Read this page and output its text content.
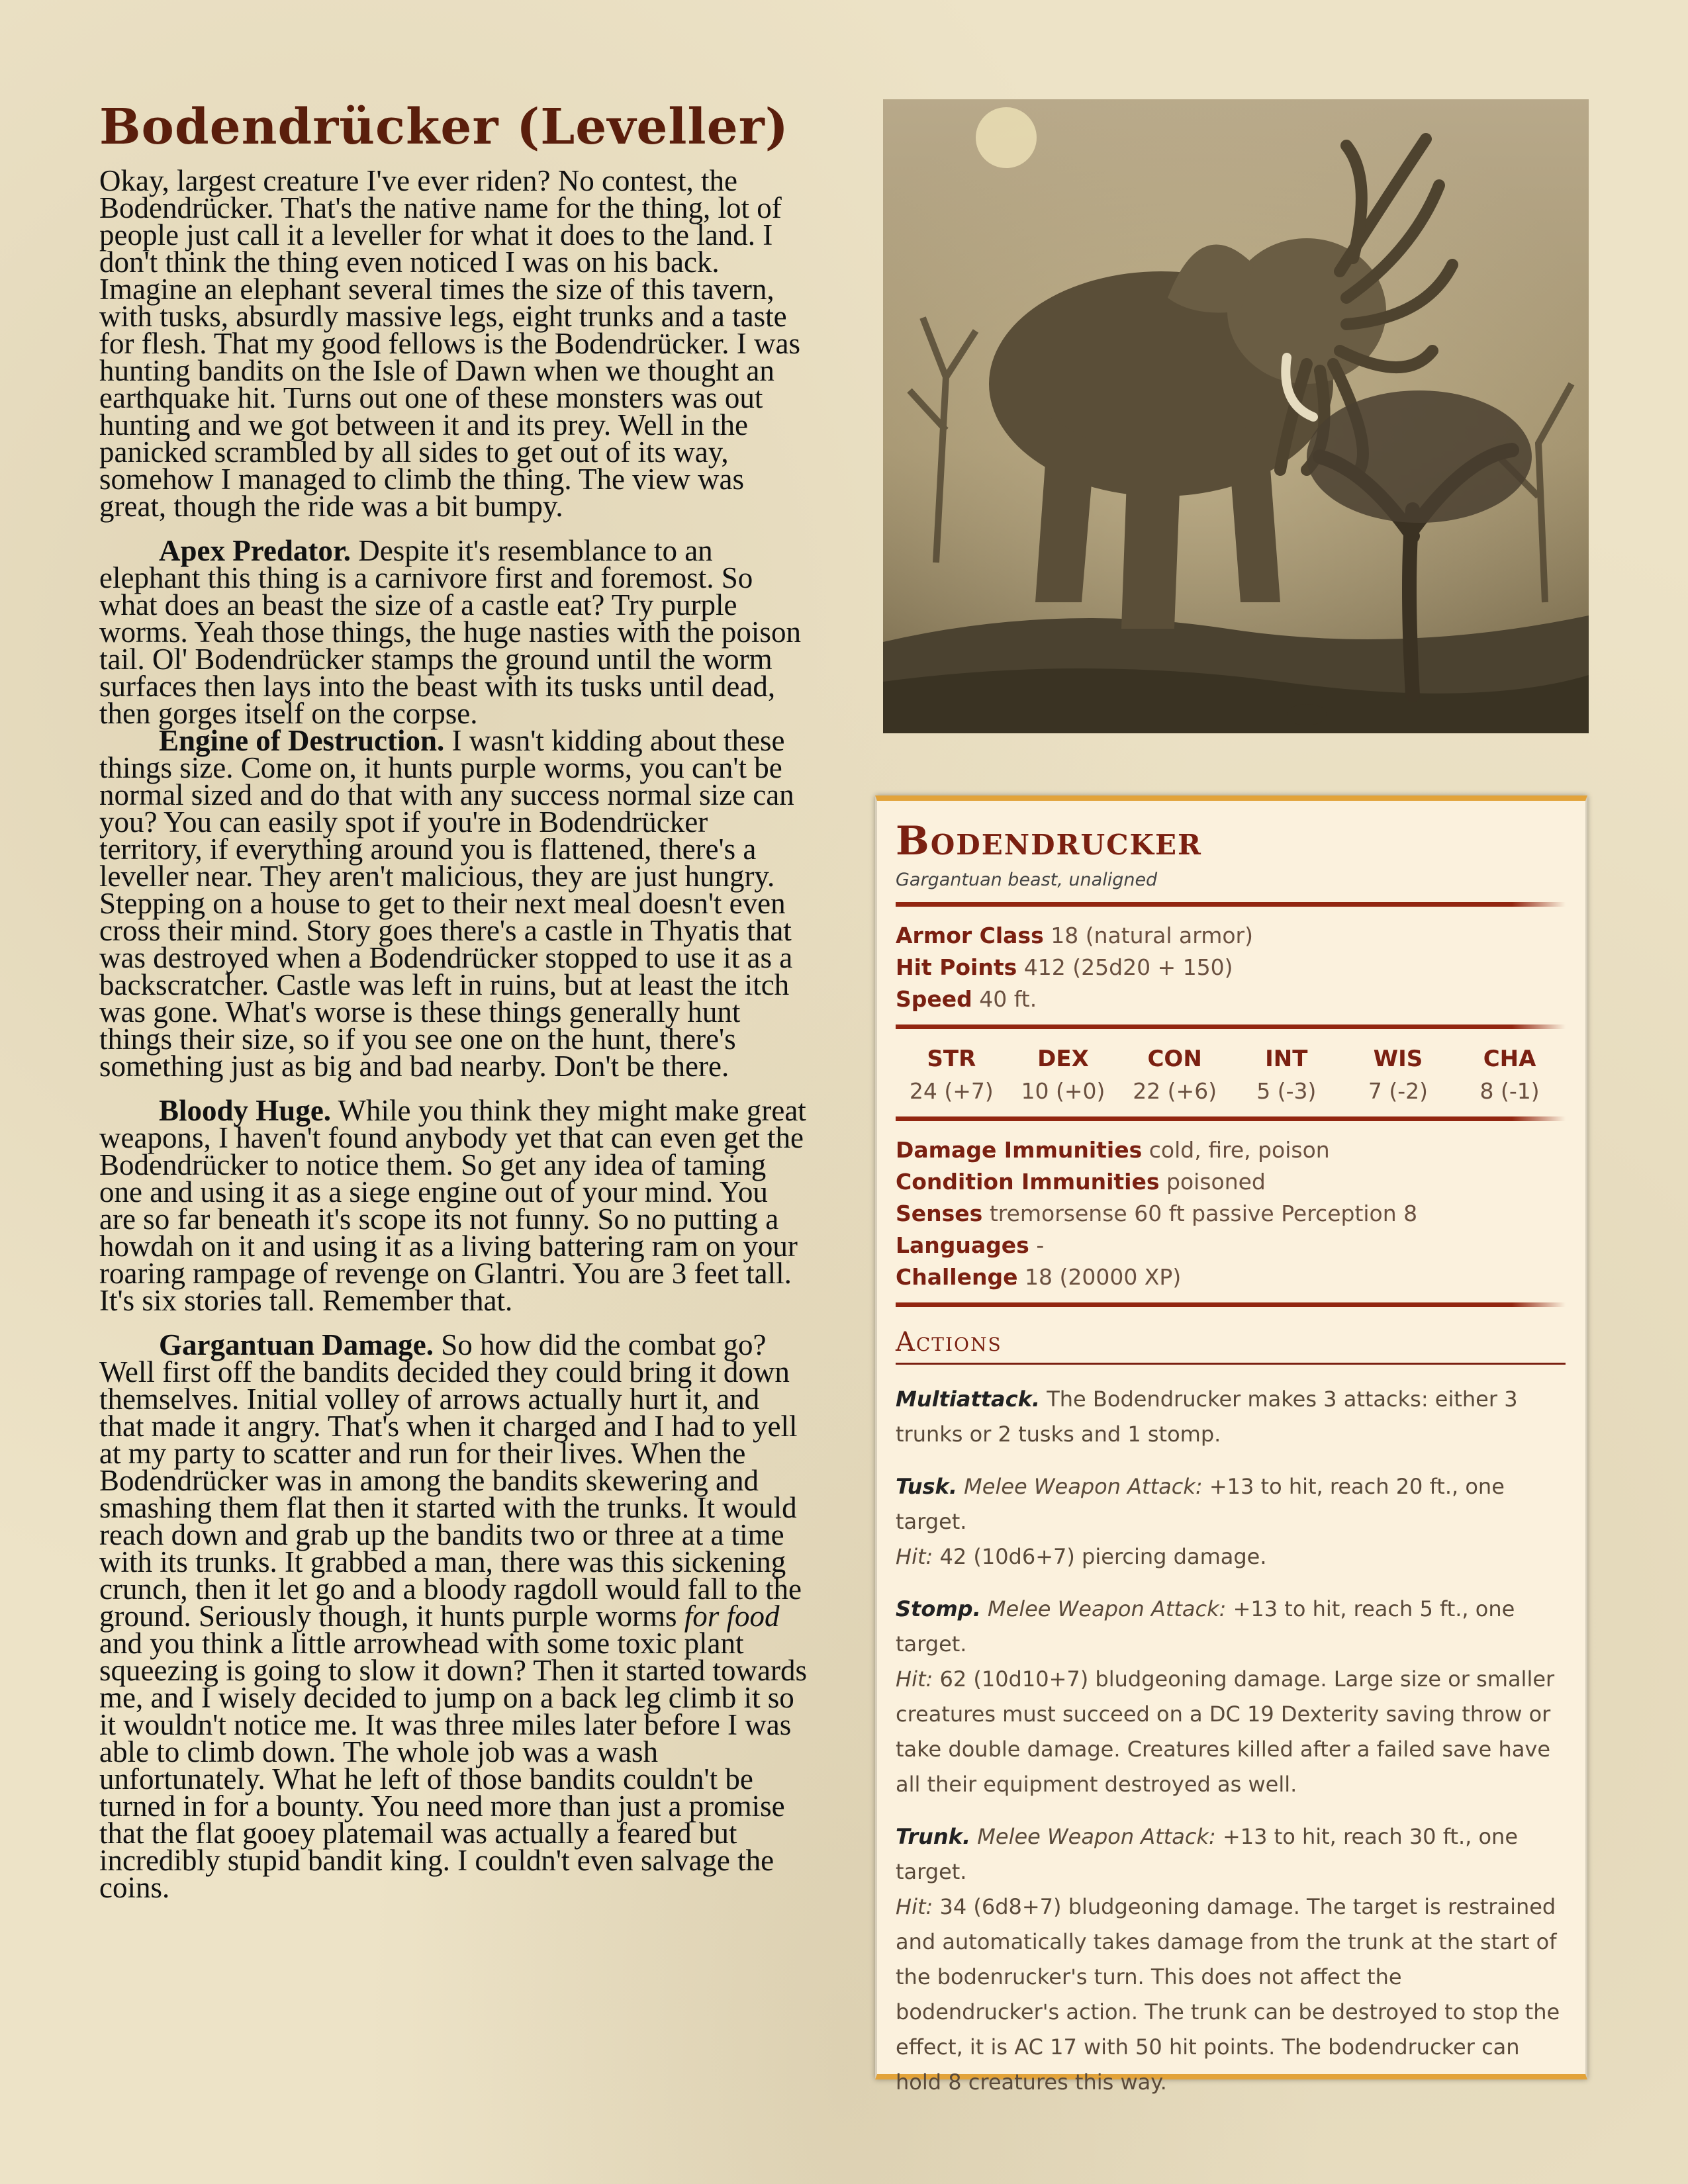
Bodendrücker (Leveller)

Okay, largest creature I've ever riden? No contest, the Bodendrücker. That's the native name for the thing, lot of people just call it a leveller for what it does to the land. I don't think the thing even noticed I was on his back. Imagine an elephant several times the size of this tavern, with tusks, absurdly massive legs, eight trunks and a taste for flesh. That my good fellows is the Bodendrücker. I was hunting bandits on the Isle of Dawn when we thought an earthquake hit. Turns out one of these monsters was out hunting and we got between it and its prey. Well in the panicked scrambled by all sides to get out of its way, somehow I managed to climb the thing. The view was great, though the ride was a bit bumpy.

Apex Predator. Despite it's resemblance to an elephant this thing is a carnivore first and foremost. So what does an beast the size of a castle eat? Try purple worms. Yeah those things, the huge nasties with the poison tail. Ol' Bodendrücker stamps the ground until the worm surfaces then lays into the beast with its tusks until dead, then gorges itself on the corpse.

Engine of Destruction. I wasn't kidding about these things size. Come on, it hunts purple worms, you can't be normal sized and do that with any success normal size can you? You can easily spot if you're in Bodendrücker territory, if everything around you is flattened, there's a leveller near. They aren't malicious, they are just hungry. Stepping on a house to get to their next meal doesn't even cross their mind. Story goes there's a castle in Thyatis that was destroyed when a Bodendrücker stopped to use it as a backscratcher. Castle was left in ruins, but at least the itch was gone. What's worse is these things generally hunt things their size, so if you see one on the hunt, there's something just as big and bad nearby. Don't be there.

Bloody Huge. While you think they might make great weapons, I haven't found anybody yet that can even get the Bodendrücker to notice them. So get any idea of taming one and using it as a siege engine out of your mind. You are so far beneath it's scope its not funny. So no putting a howdah on it and using it as a living battering ram on your roaring rampage of revenge on Glantri. You are 3 feet tall. It's six stories tall. Remember that.

Gargantuan Damage. So how did the combat go? Well first off the bandits decided they could bring it down themselves. Initial volley of arrows actually hurt it, and that made it angry. That's when it charged and I had to yell at my party to scatter and run for their lives. When the Bodendrücker was in among the bandits skewering and smashing them flat then it started with the trunks. It would reach down and grab up the bandits two or three at a time with its trunks. It grabbed a man, there was this sickening crunch, then it let go and a bloody ragdoll would fall to the ground. Seriously though, it hunts purple worms for food and you think a little arrowhead with some toxic plant squeezing is going to slow it down? Then it started towards me, and I wisely decided to jump on a back leg climb it so it wouldn't notice me. It was three miles later before I was able to climb down. The whole job was a wash unfortunately. What he left of those bandits couldn't be turned in for a bounty. You need more than just a promise that the flat gooey platemail was actually a feared but incredibly stupid bandit king. I couldn't even salvage the coins.

Bodendrucker
Gargantuan beast, unaligned
Armor Class 18 (natural armor)
Hit Points 412 (25d20 + 150)
Speed 40 ft.
STR
24 (+7)
DEX
10 (+0)
CON
22 (+6)
INT
5 (-3)
WIS
7 (-2)
CHA
8 (-1)
Damage Immunities cold, fire, poison
Condition Immunities poisoned
Senses tremorsense 60 ft passive Perception 8
Languages -
Challenge 18 (20000 XP)
Actions

Multiattack. The Bodendrucker makes 3 attacks: either 3 trunks or 2 tusks and 1 stomp.

Tusk. Melee Weapon Attack: +13 to hit, reach 20 ft., one target.
Hit: 42 (10d6+7) piercing damage.

Stomp. Melee Weapon Attack: +13 to hit, reach 5 ft., one target.
Hit: 62 (10d10+7) bludgeoning damage. Large size or smaller creatures must succeed on a DC 19 Dexterity saving throw or take double damage. Creatures killed after a failed save have all their equipment destroyed as well.

Trunk. Melee Weapon Attack: +13 to hit, reach 30 ft., one target.
Hit: 34 (6d8+7) bludgeoning damage. The target is restrained and automatically takes damage from the trunk at the start of the bodenrucker's turn. This does not affect the bodendrucker's action. The trunk can be destroyed to stop the effect, it is AC 17 with 50 hit points. The bodendrucker can hold 8 creatures this way.
